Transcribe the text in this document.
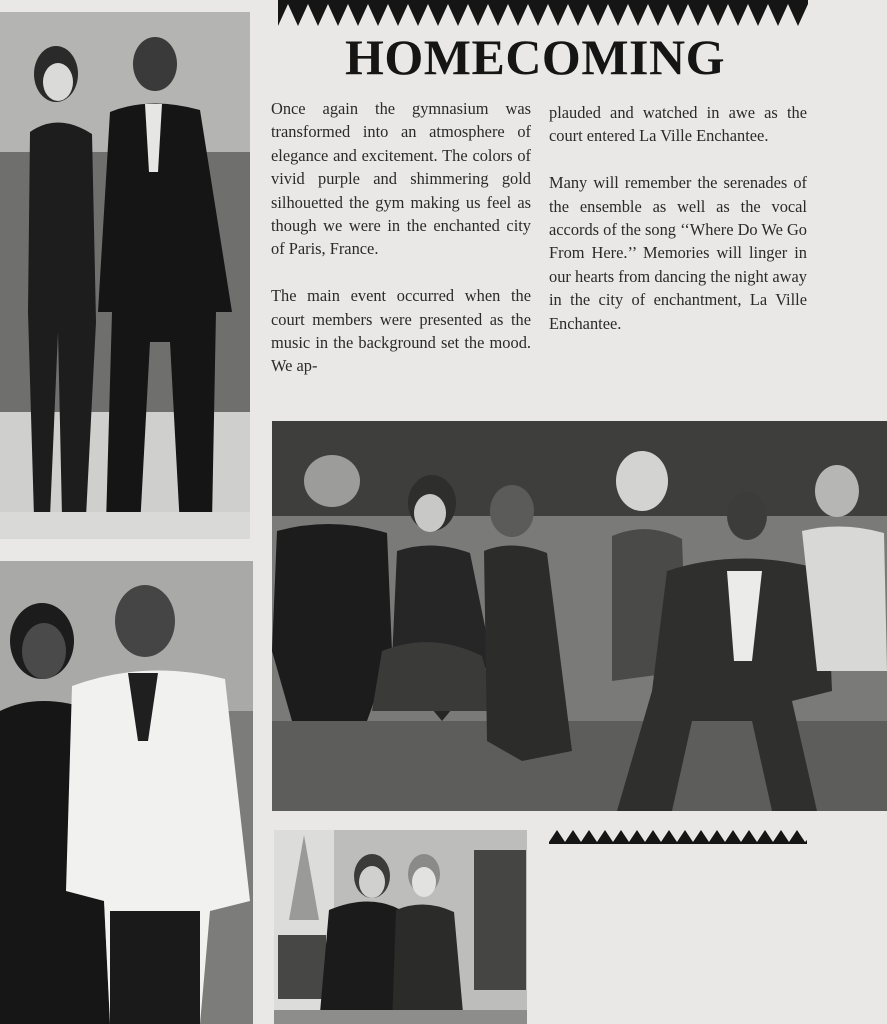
HOMECOMING

Once again the gymnasium was transformed into an atmosphere of elegance and excitement. The colors of vivid purple and shimmering gold silhouetted the gym making us feel as though we were in the enchanted city of Paris, France.

The main event occurred when the court members were presented as the music in the background set the mood. We ap-

plauded and watched in awe as the court entered La Ville Enchantee.

Many will remember the serenades of the ensemble as well as the vocal accords of the song ‘‘Where Do We Go From Here.’’ Memories will linger in our hearts from dancing the night away in the city of enchantment, La Ville Enchantee.
